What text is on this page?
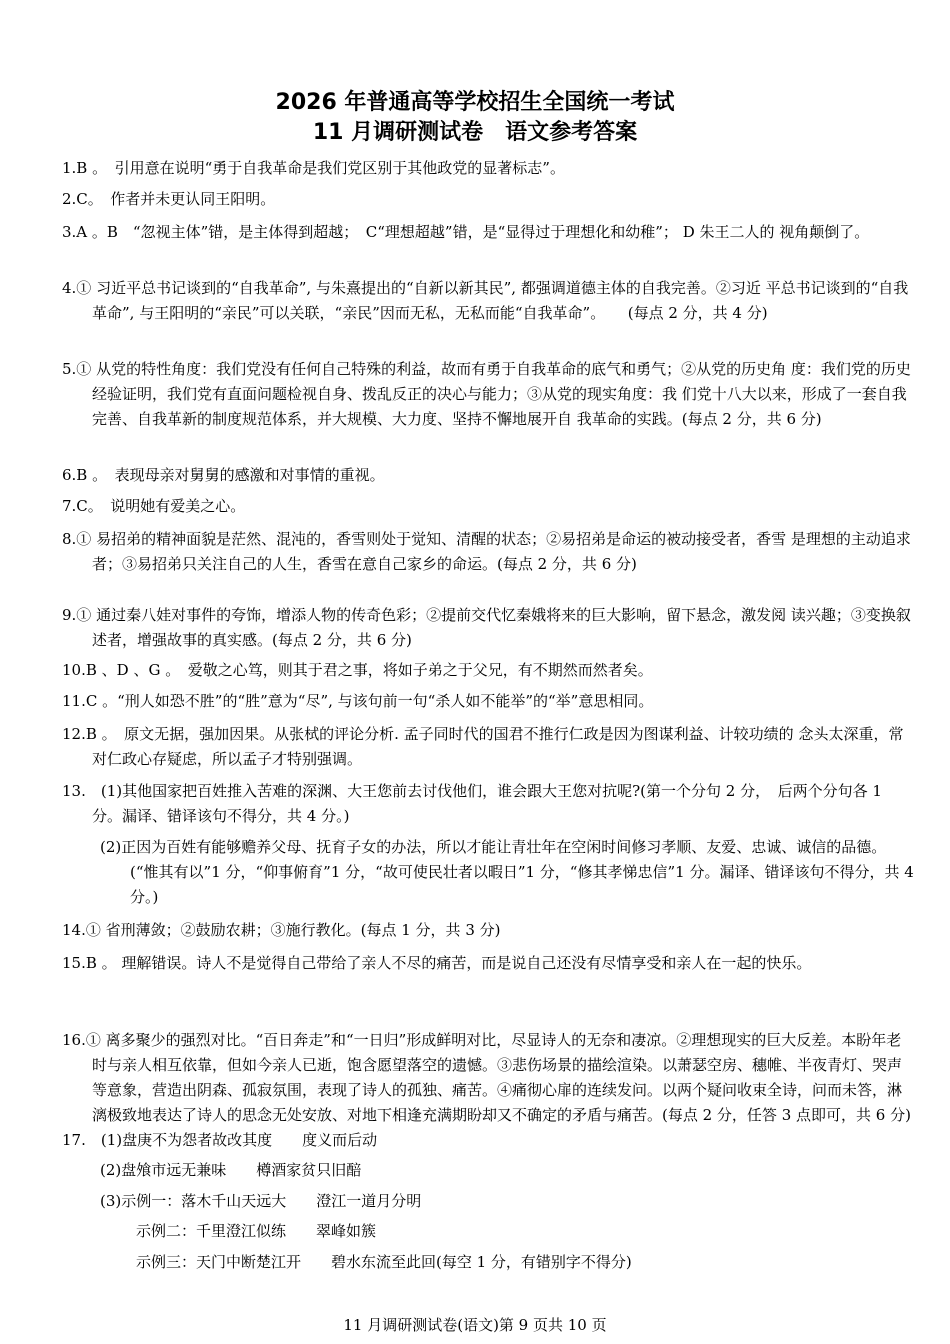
2026 年普通高等学校招生全国统一考试
11 月调研测试卷　语文参考答案

1.B 。　引用意在说明“勇于自我革命是我们党区别于其他政党的显著标志”。

2.C。　作者并未更认同王阳明。

3.A 。B　“忽视主体”错，是主体得到超越；　C“理想超越”错，是“显得过于理想化和幼稚”； D 朱王二人的 视角颠倒了。

4.① 习近平总书记谈到的“自我革命”, 与朱熹提出的“自新以新其民”, 都强调道德主体的自我完善。②习近 平总书记谈到的“自我革命”, 与王阳明的“亲民”可以关联，“亲民”因而无私，无私而能“自我革命”。　　(每点 2 分，共 4 分)

5.① 从党的特性角度：我们党没有任何自己特殊的利益，故而有勇于自我革命的底气和勇气；②从党的历史角 度：我们党的历史经验证明，我们党有直面问题检视自身、拨乱反正的决心与能力；③从党的现实角度：我 们党十八大以来，形成了一套自我完善、自我革新的制度规范体系，并大规模、大力度、坚持不懈地展开自 我革命的实践。(每点 2 分，共 6 分)

6.B 。　表现母亲对舅舅的感激和对事情的重视。

7.C。　说明她有爱美之心。

8.① 易招弟的精神面貌是茫然、混沌的，香雪则处于觉知、清醒的状态；②易招弟是命运的被动接受者，香雪 是理想的主动追求者；③易招弟只关注自己的人生，香雪在意自己家乡的命运。(每点 2 分，共 6 分)

9.① 通过秦八娃对事件的夸饰，增添人物的传奇色彩；②提前交代忆秦娥将来的巨大影响，留下悬念，激发阅 读兴趣；③变换叙述者，增强故事的真实感。(每点 2 分，共 6 分)

10.B 、D 、G 。　爱敬之心笃，则其于君之事，将如子弟之于父兄，有不期然而然者矣。

11.C 。“刑人如恐不胜”的“胜”意为“尽”, 与该句前一句“杀人如不能举”的“举”意思相同。

12.B 。　原文无据，强加因果。从张栻的评论分析. 孟子同时代的国君不推行仁政是因为图谋利益、计较功绩的 念头太深重，常对仁政心存疑虑，所以孟子才特别强调。

13.　(1)其他国家把百姓推入苦难的深渊、大王您前去讨伐他们，谁会跟大王您对抗呢?(第一个分句 2 分，　后两个分句各 1 分。漏译、错译该句不得分，共 4 分。)

(2)正因为百姓有能够赡养父母、抚育子女的办法，所以才能让青壮年在空闲时间修习孝顺、友爱、忠诚、诚信的品德。(“惟其有以”1 分，“仰事俯育”1 分，“故可使民壮者以暇日”1 分，“修其孝悌忠信”1 分。漏译、错译该句不得分，共 4 分。)

14.① 省刑薄敛；②鼓励农耕；③施行教化。(每点 1 分，共 3 分)

15.B 。 理解错误。诗人不是觉得自己带给了亲人不尽的痛苦，而是说自己还没有尽情享受和亲人在一起的快乐。

16.① 离多聚少的强烈对比。“百日奔走”和“一日归”形成鲜明对比，尽显诗人的无奈和凄凉。②理想现实的巨大反差。本盼年老时与亲人相互依靠，但如今亲人已逝，饱含愿望落空的遗憾。③悲伤场景的描绘渲染。以萧瑟空房、穗帷、半夜青灯、哭声等意象，营造出阴森、孤寂氛围，表现了诗人的孤独、痛苦。④痛彻心扉的连续发问。以两个疑问收束全诗，问而未答，淋漓极致地表达了诗人的思念无处安放、对地下相逢充满期盼却又不确定的矛盾与痛苦。(每点 2 分，任答 3 点即可，共 6 分)

17.　(1)盘庚不为怨者故改其度　　度义而后动

(2)盘飧市远无兼味　　樽酒家贫只旧醅

(3)示例一：落木千山天远大　　澄江一道月分明

示例二：千里澄江似练　　翠峰如簇

示例三：天门中断楚江开　　碧水东流至此回(每空 1 分，有错别字不得分)

11 月调研测试卷(语文)第 9 页共 10 页
